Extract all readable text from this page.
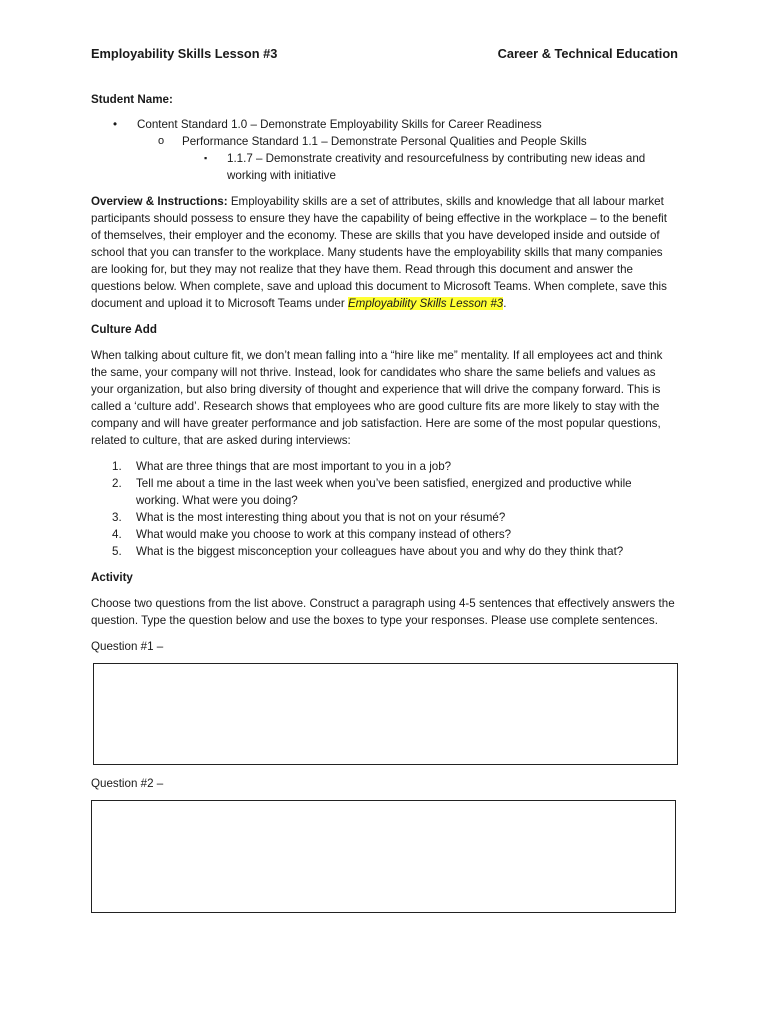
Employability Skills Lesson #3	Career & Technical Education

Student Name:

• Content Standard 1.0 – Demonstrate Employability Skills for Career Readiness
o Performance Standard 1.1 – Demonstrate Personal Qualities and People Skills
▪ 1.1.7 – Demonstrate creativity and resourcefulness by contributing new ideas and working with initiative

Overview & Instructions: Employability skills are a set of attributes, skills and knowledge that all labour market participants should possess to ensure they have the capability of being effective in the workplace – to the benefit of themselves, their employer and the economy. These are skills that you have developed inside and outside of school that you can transfer to the workplace. Many students have the employability skills that many companies are looking for, but they may not realize that they have them. Read through this document and answer the questions below. When complete, save and upload this document to Microsoft Teams. When complete, save this document and upload it to Microsoft Teams under Employability Skills Lesson #3.

Culture Add

When talking about culture fit, we don’t mean falling into a “hire like me” mentality. If all employees act and think the same, your company will not thrive. Instead, look for candidates who share the same beliefs and values as your organization, but also bring diversity of thought and experience that will drive the company forward. This is called a ‘culture add’. Research shows that employees who are good culture fits are more likely to stay with the company and will have greater performance and job satisfaction. Here are some of the most popular questions, related to culture, that are asked during interviews:

1. What are three things that are most important to you in a job?
2. Tell me about a time in the last week when you’ve been satisfied, energized and productive while working. What were you doing?
3. What is the most interesting thing about you that is not on your résumé?
4. What would make you choose to work at this company instead of others?
5. What is the biggest misconception your colleagues have about you and why do they think that?

Activity

Choose two questions from the list above. Construct a paragraph using 4-5 sentences that effectively answers the question. Type the question below and use the boxes to type your responses. Please use complete sentences.

Question #1 –

Question #2 –
